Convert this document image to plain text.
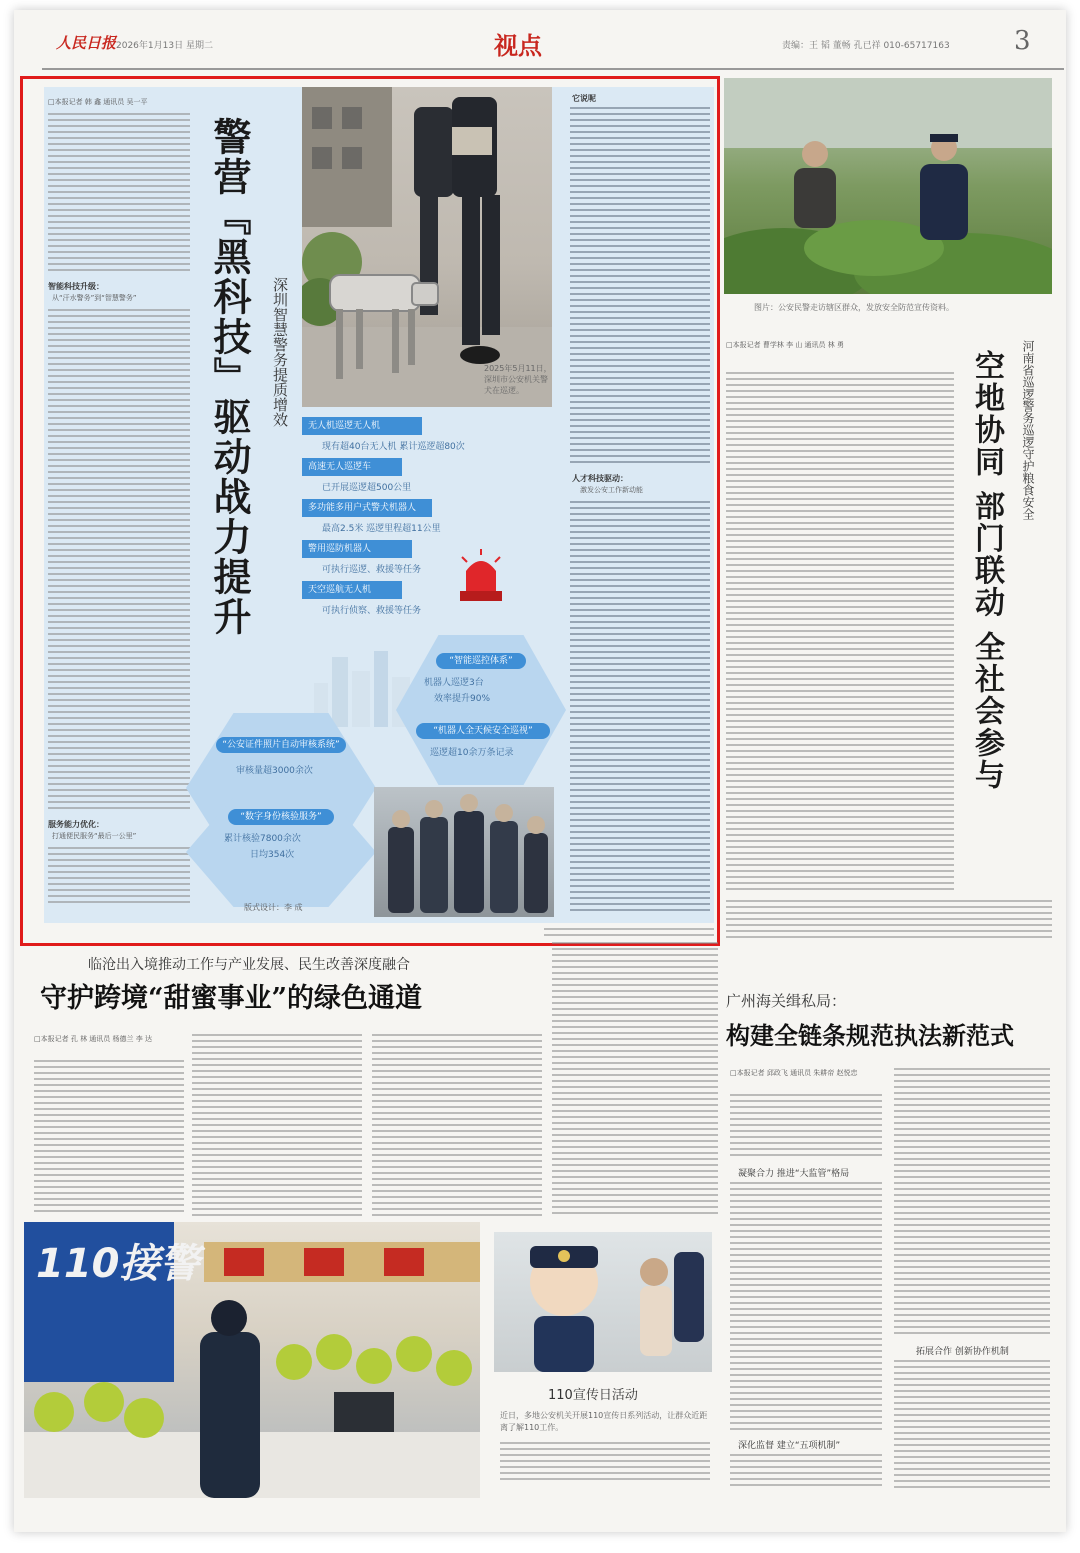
人民日报 2026年1月13日 星期二	视点	责编：王 韬 董畅 孔已祥 010-65717163 3
□本报记者 韩 鑫 通讯员 吴一平
智能科技升级：
从“汗水警务”到“智慧警务”
服务能力优化：
打通便民服务“最后一公里”
警营『黑科技』驱动战力提升	深圳智慧警务提质增效	2025年5月11日，深圳市公安机关警犬在巡逻。
无人机巡逻无人机
现有超40台无人机 累计巡逻超80次
高速无人巡逻车
已开展巡逻超500公里
多功能多用户式警犬机器人
最高2.5米 巡逻里程超11公里
警用巡防机器人
可执行巡逻、救援等任务
天空巡航无人机
可执行侦察、救援等任务
“智能巡控体系”
机器人巡逻3台
效率提升90%
“机器人全天候安全巡视”
巡逻超10余万条记录
“公安证件照片自动审核系统”
审核量超3000余次
“数字身份核验服务”
累计核验7800余次
日均354次
版式设计：李 成
它说呢
人才科技驱动：
激发公安工作新动能
图片：公安民警走访辖区群众，发放安全防范宣传资料。
□本报记者 曹学林 李 山 通讯员 林 勇
空地协同 部门联动 全社会参与	河南省巡逻警务巡逻守护粮食安全
临沧出入境推动工作与产业发展、民生改善深度融合
守护跨境“甜蜜事业”的绿色通道
□本报记者 孔 林 通讯员 杨德兰 李 达
广州海关缉私局：
构建全链条规范执法新范式
□本报记者 邱政飞 通讯员 朱耕帝 赵悦忠
凝聚合力 推进“大监管”格局
深化监督 建立“五项机制”
拓展合作 创新协作机制
110接警
110宣传日活动
近日，多地公安机关开展110宣传日系列活动，让群众近距离了解110工作。
